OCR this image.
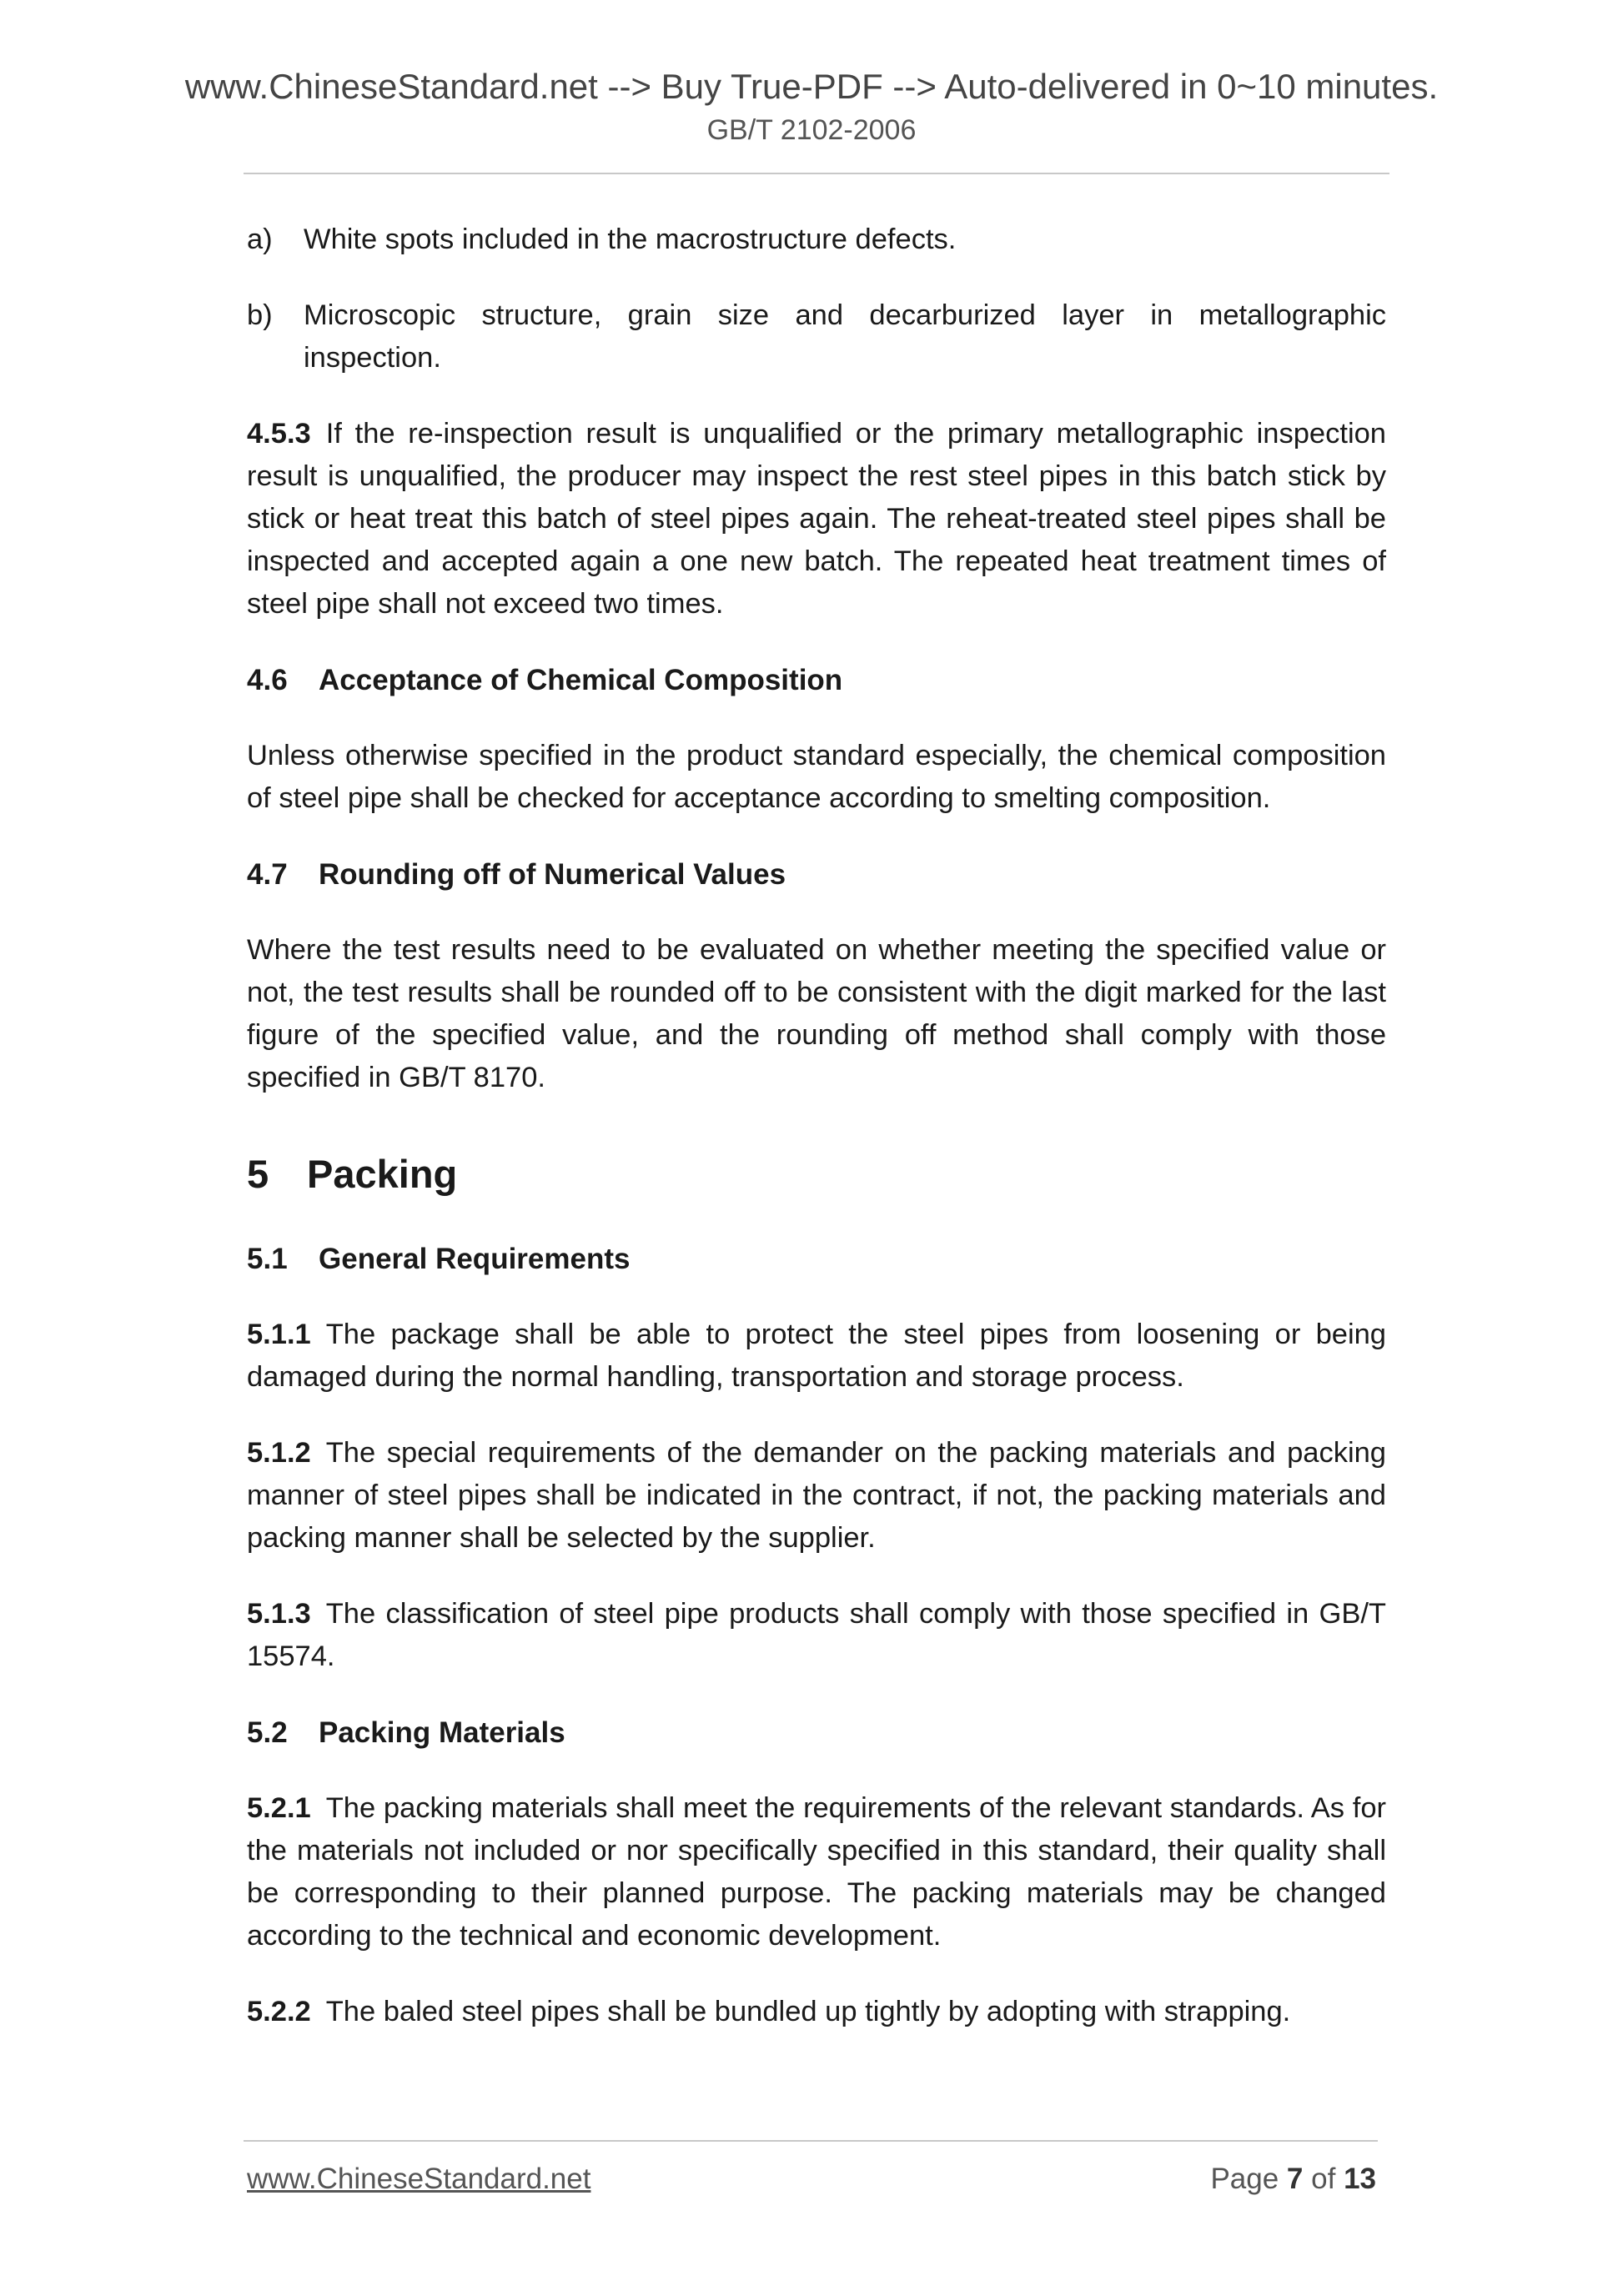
www.ChineseStandard.net --> Buy True-PDF --> Auto-delivered in 0~10 minutes.
GB/T 2102-2006

a) White spots included in the macrostructure defects.

b) Microscopic structure, grain size and decarburized layer in metallographic inspection.

4.5.3 If the re-inspection result is unqualified or the primary metallographic inspection result is unqualified, the producer may inspect the rest steel pipes in this batch stick by stick or heat treat this batch of steel pipes again. The reheat-treated steel pipes shall be inspected and accepted again a one new batch. The repeated heat treatment times of steel pipe shall not exceed two times.

4.6 Acceptance of Chemical Composition

Unless otherwise specified in the product standard especially, the chemical composition of steel pipe shall be checked for acceptance according to smelting composition.

4.7 Rounding off of Numerical Values

Where the test results need to be evaluated on whether meeting the specified value or not, the test results shall be rounded off to be consistent with the digit marked for the last figure of the specified value, and the rounding off method shall comply with those specified in GB/T 8170.

5 Packing
5.1 General Requirements

5.1.1 The package shall be able to protect the steel pipes from loosening or being damaged during the normal handling, transportation and storage process.

5.1.2 The special requirements of the demander on the packing materials and packing manner of steel pipes shall be indicated in the contract, if not, the packing materials and packing manner shall be selected by the supplier.

5.1.3 The classification of steel pipe products shall comply with those specified in GB/T 15574.

5.2 Packing Materials

5.2.1 The packing materials shall meet the requirements of the relevant standards. As for the materials not included or nor specifically specified in this standard, their quality shall be corresponding to their planned purpose. The packing materials may be changed according to the technical and economic development.

5.2.2 The baled steel pipes shall be bundled up tightly by adopting with strapping.

www.ChineseStandard.net	Page 7 of 13
